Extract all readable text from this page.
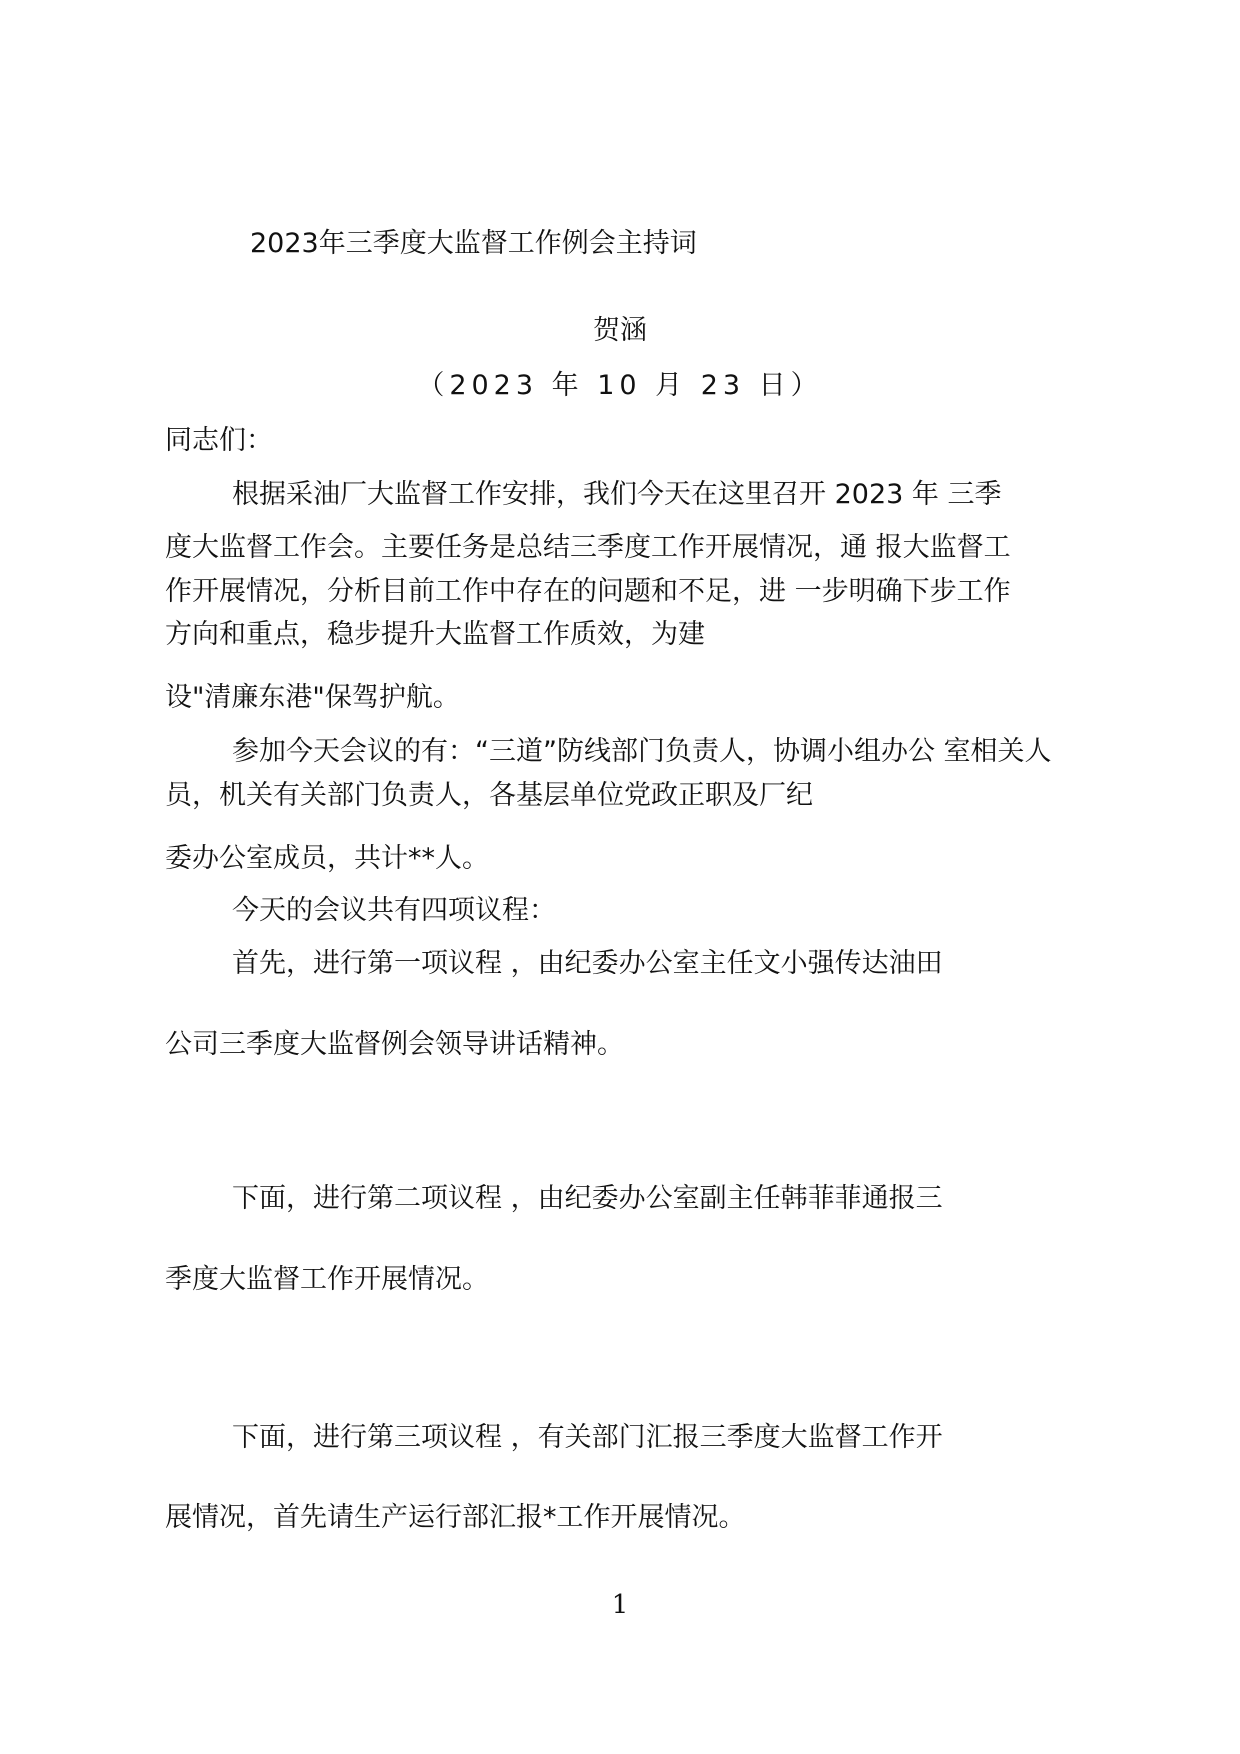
2023年三季度大监督工作例会主持词
贺涵
（2023 年 10 月 23 日）
同志们：
根据采油厂大监督工作安排，我们今天在这里召开 2023 年 三季
度大监督工作会。主要任务是总结三季度工作开展情况，通 报大监督工
作开展情况，分析目前工作中存在的问题和不足，进 一步明确下步工作
方向和重点，稳步提升大监督工作质效，为建
设"清廉东港"保驾护航。
参加今天会议的有：“三道”防线部门负责人，协调小组办公 室相关人
员，机关有关部门负责人，各基层单位党政正职及厂纪
委办公室成员，共计**人。
今天的会议共有四项议程：
首先，进行第一项议程 ，由纪委办公室主任文小强传达油田
公司三季度大监督例会领导讲话精神。
下面，进行第二项议程 ，由纪委办公室副主任韩菲菲通报三
季度大监督工作开展情况。
下面，进行第三项议程 ，有关部门汇报三季度大监督工作开
展情况，首先请生产运行部汇报*工作开展情况。
1
